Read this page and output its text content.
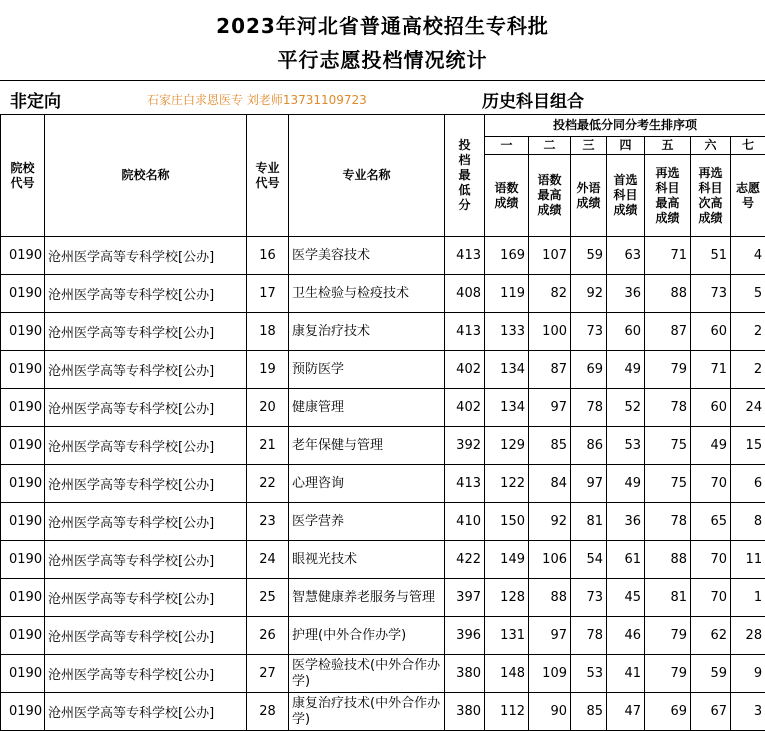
2023年河北省普通高校招生专科批
平行志愿投档情况统计
非定向	石家庄白求恩医专 刘老师13731109723	历史科目组合
院校代号	院校名称	专业代号	专业名称	投档最低分	投档最低分同分考生排序项						
					一	二	三	四	五	六	七
					语数成绩	语数最高成绩	外语成绩	首选科目成绩	再选科目最高成绩	再选科目次高成绩	志愿号
0190	沧州医学高等专科学校[公办]	16	医学美容技术	413	169	107	59	63	71	51	4
0190	沧州医学高等专科学校[公办]	17	卫生检验与检疫技术	408	119	82	92	36	88	73	5
0190	沧州医学高等专科学校[公办]	18	康复治疗技术	413	133	100	73	60	87	60	2
0190	沧州医学高等专科学校[公办]	19	预防医学	402	134	87	69	49	79	71	2
0190	沧州医学高等专科学校[公办]	20	健康管理	402	134	97	78	52	78	60	24
0190	沧州医学高等专科学校[公办]	21	老年保健与管理	392	129	85	86	53	75	49	15
0190	沧州医学高等专科学校[公办]	22	心理咨询	413	122	84	97	49	75	70	6
0190	沧州医学高等专科学校[公办]	23	医学营养	410	150	92	81	36	78	65	8
0190	沧州医学高等专科学校[公办]	24	眼视光技术	422	149	106	54	61	88	70	11
0190	沧州医学高等专科学校[公办]	25	智慧健康养老服务与管理	397	128	88	73	45	81	70	1
0190	沧州医学高等专科学校[公办]	26	护理(中外合作办学)	396	131	97	78	46	79	62	28
0190	沧州医学高等专科学校[公办]	27	医学检验技术(中外合作办学)	380	148	109	53	41	79	59	9
0190	沧州医学高等专科学校[公办]	28	康复治疗技术(中外合作办学)	380	112	90	85	47	69	67	3
